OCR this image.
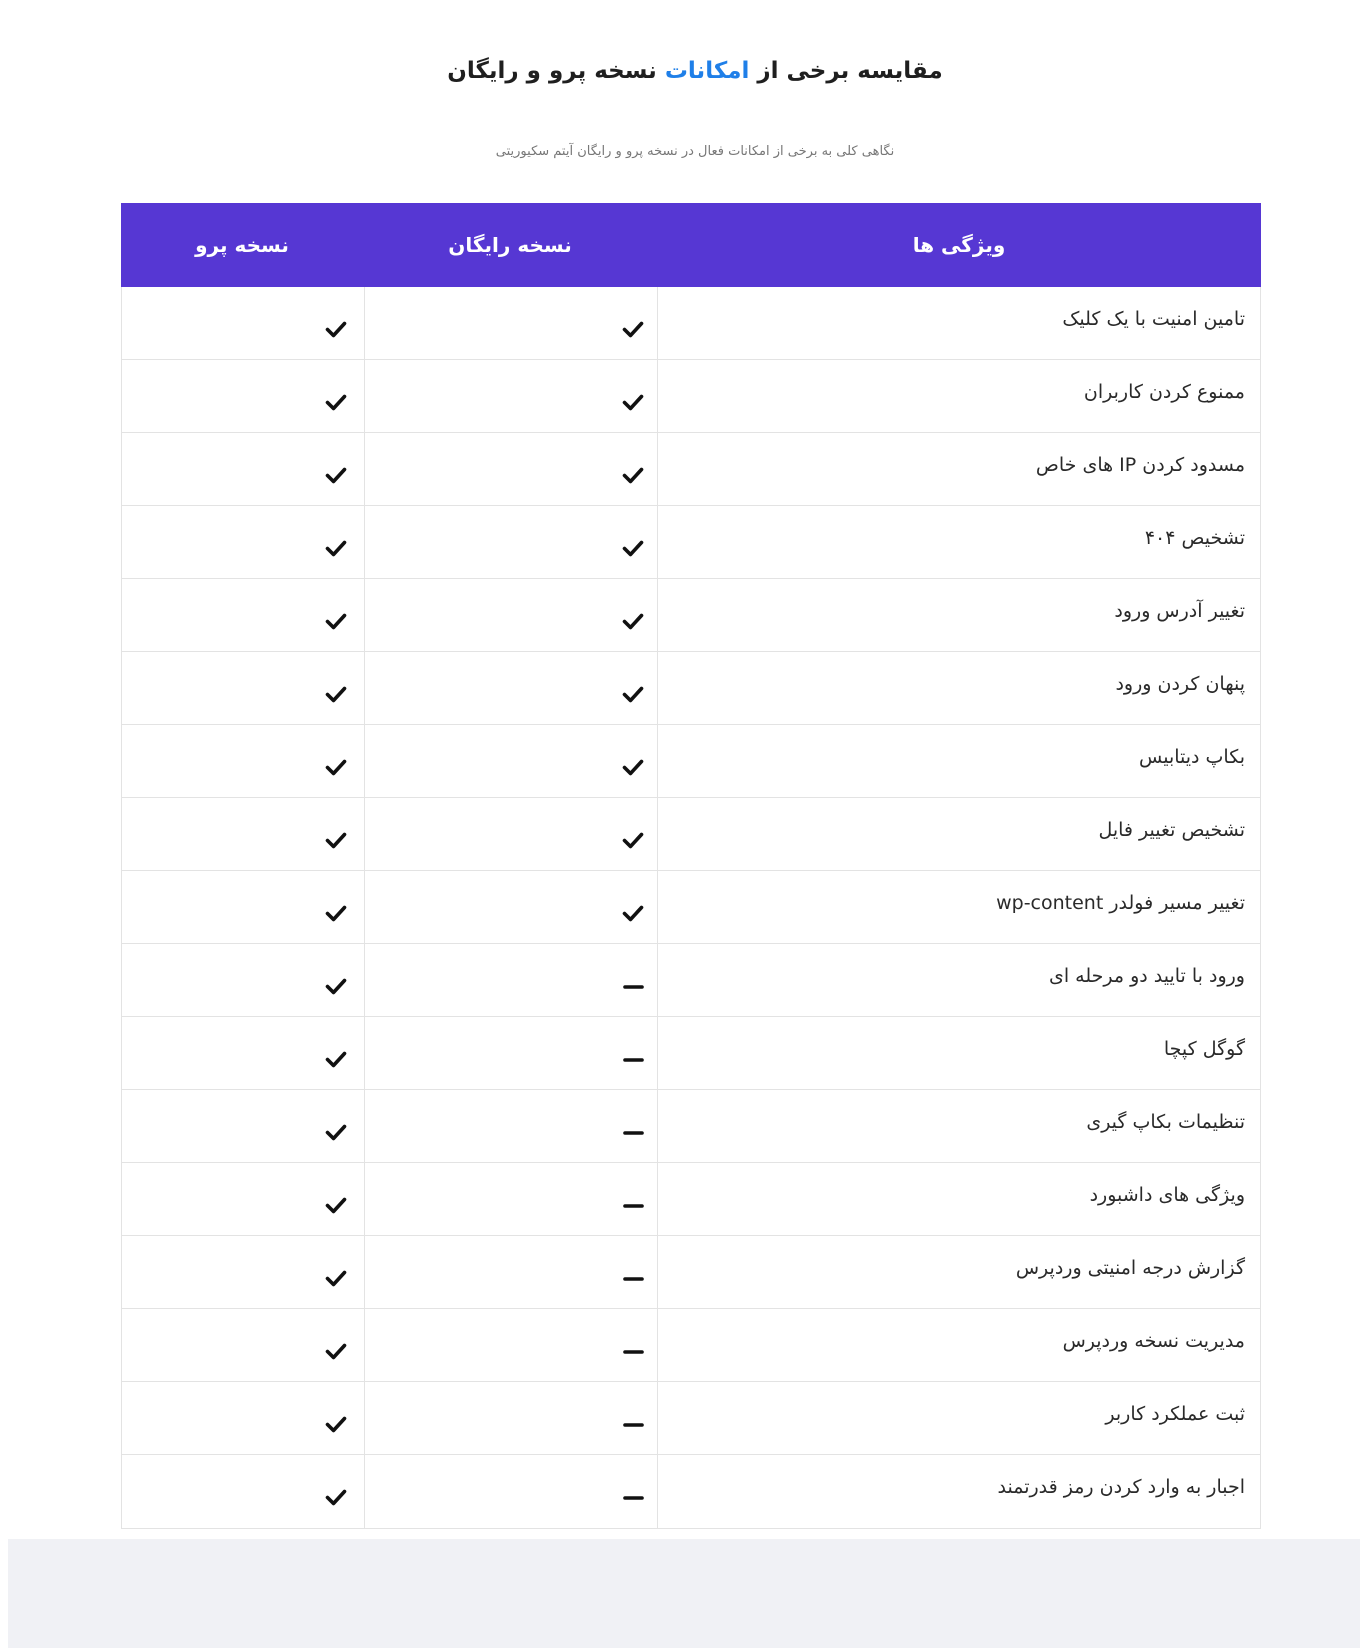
مقایسه برخی از امکانات نسخه پرو و رایگان
نگاهی کلی به برخی از امکانات فعال در نسخه پرو و رایگان آیتم سکیوریتی
نسخه پرو	نسخه رایگان	ویژگی ها
تامین امنیت با یک کلیک
ممنوع کردن کاربران
مسدود کردن IP های خاص
تشخیص ۴۰۴
تغییر آدرس ورود
پنهان کردن ورود
بکاپ دیتابیس
تشخیص تغییر فایل
تغییر مسیر فولدر wp-content
ورود با تایید دو مرحله ای
گوگل کپچا
تنظیمات بکاپ گیری
ویژگی های داشبورد
گزارش درجه امنیتی وردپرس
مدیریت نسخه وردپرس
ثبت عملکرد کاربر
اجبار به وارد کردن رمز قدرتمند
